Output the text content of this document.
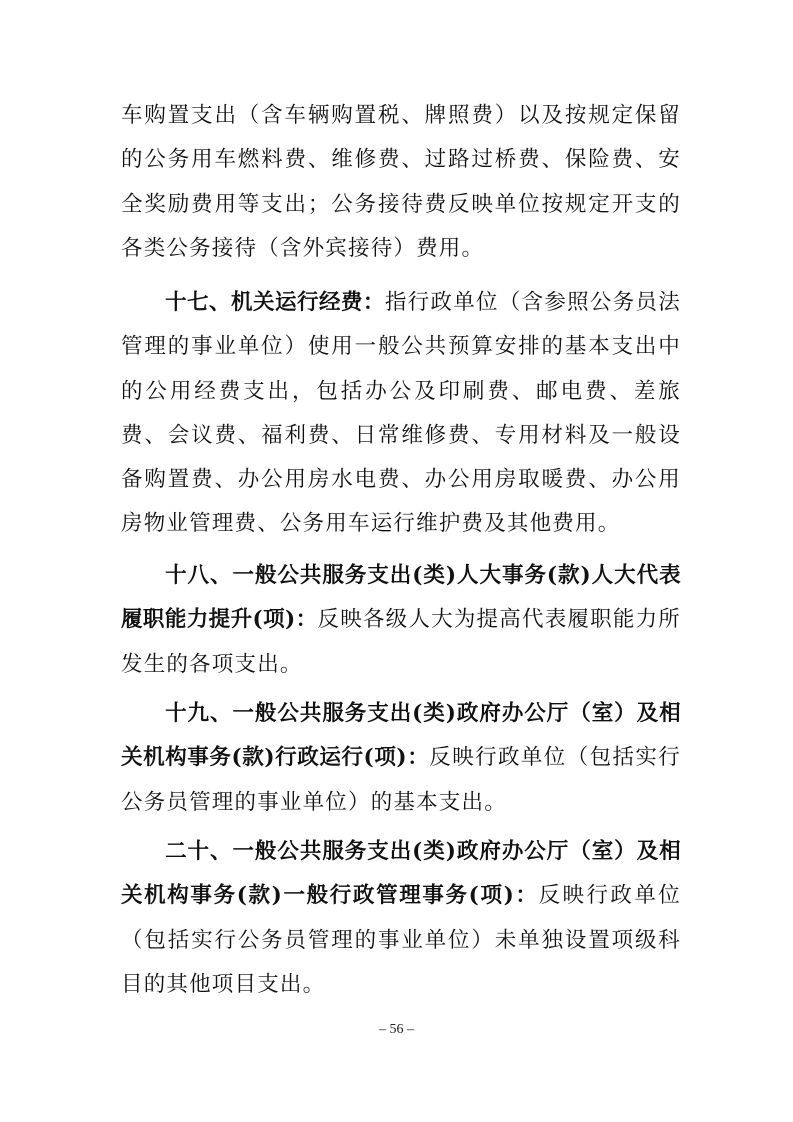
车购置支出（含车辆购置税、牌照费）以及按规定保留的公务用车燃料费、维修费、过路过桥费、保险费、安全奖励费用等支出；公务接待费反映单位按规定开支的各类公务接待（含外宾接待）费用。

十七、机关运行经费：指行政单位（含参照公务员法管理的事业单位）使用一般公共预算安排的基本支出中的公用经费支出，包括办公及印刷费、邮电费、差旅费、会议费、福利费、日常维修费、专用材料及一般设备购置费、办公用房水电费、办公用房取暖费、办公用房物业管理费、公务用车运行维护费及其他费用。

十八、一般公共服务支出(类)人大事务(款)人大代表履职能力提升(项)：反映各级人大为提高代表履职能力所发生的各项支出。

十九、一般公共服务支出(类)政府办公厅（室）及相关机构事务(款)行政运行(项)：反映行政单位（包括实行公务员管理的事业单位）的基本支出。

二十、一般公共服务支出(类)政府办公厅（室）及相关机构事务(款)一般行政管理事务(项)：反映行政单位（包括实行公务员管理的事业单位）未单独设置项级科目的其他项目支出。

– 56 –
